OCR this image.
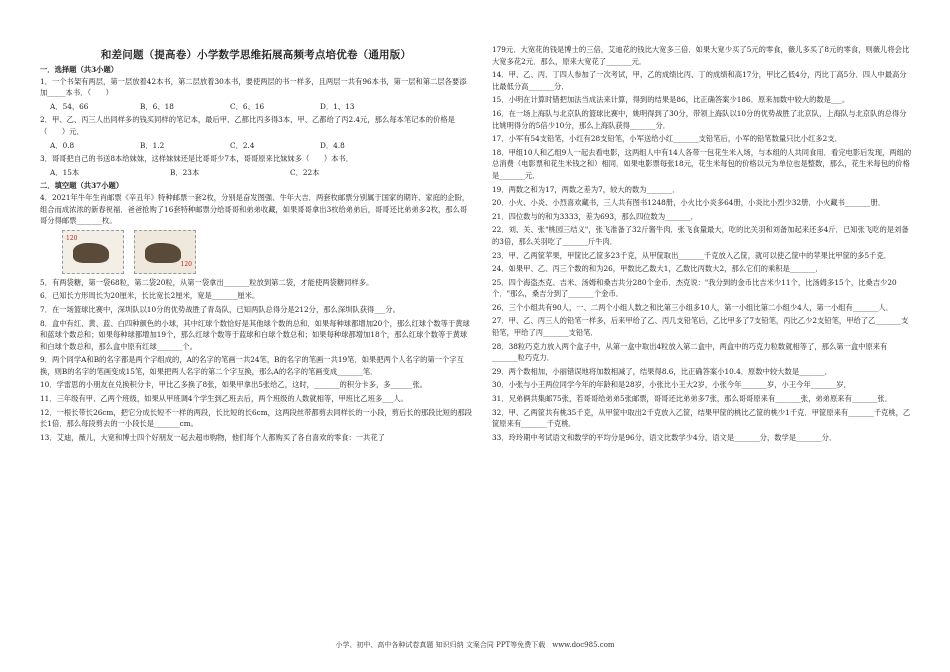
和差问题（提高卷）小学数学思维拓展高频考点培优卷（通用版）
一．选择题（共3小题）
1．一个书架有两层，第一层放着42本书，第二层放着30本书，要使两层的书一样多，且两层一共有96本书，第一层和第二层各要添加_____本书．（　　）
A．54、66	B．6、18	C．6、16	D．1、13
2．甲、乙、丙三人出同样多的钱买同样的笔记本，最后甲、乙都比丙多得3本，甲、乙都给了丙2.4元，那么每本笔记本的价格是（　　）元．
A．0.8	B．1.2	C．2.4	D．4.8
3．哥哥把自己的书送8本给妹妹，这样妹妹还是比哥哥少7本，哥哥原来比妹妹多（　　）本书．
A．15本	B．23本	C．22本
二．填空题（共37小题）
4．2021年牛年生肖邮票《辛丑年》特种邮票一套2枚，分别是奋发图强、牛年大吉．两套枚邮票分别属于国家的期许、家庭的企盼，组合而成浓浓的新春祝福．爸爸抢购了16套特种邮票分给哥哥和弟弟收藏，如果哥哥拿出3枚给弟弟后，哥哥还比弟弟多2枚，那么哥哥分得邮票_______枚。
120
120
5．有两袋糖，第一袋68粒，第二袋20粒，从第一袋拿出_______粒放到第二袋，才能使两袋糖同样多。
6．已知长方形周长为20厘米，长比宽长2厘米，宽是_______厘米。
7．在一场篮球比赛中，深圳队以10分的优势战胜了青岛队，已知两队总得分是212分，那么深圳队获得___分。
8．盒中有红、黄、蓝、白四种颜色的小球，其中红球个数恰好是其他球个数的总和．如果每种球都增加20个，那么红球个数等于黄球和蓝球个数总和；如果每种球都增加19个，那么红球个数等于蓝球和白球个数总和；如果每种球都增加18个，那么红球个数等于黄球和白球个数总和，那么盒中原有红球_______个。
9．两个同学A和B的名字都是两个字组成的，A的名字的笔画一共24笔，B的名字的笔画一共19笔．如果把两个人名字的第一个字互换，则B的名字的笔画变成15笔，如果把两人名字的第二个字互换，那么A的名字的笔画变成_______笔．
10．学雷思的小朋友在兑换积分卡，甲比乙多换了8张，如果甲拿出5张给乙，这时，_______的积分卡多，多______张。
11．三年级有甲、乙两个班级，如果从甲班调4个学生到乙班去后，两个班级的人数就相等，甲班比乙班多___人。
12．一根长带长26cm，把它分成长短不一样的两段，长比短的长6cm，这两段丝带都剪去同样长的一小段，剪后长的那段比短的那段长1倍．那么每段剪去的一小段长是_______cm。
13．艾迪，薇儿，大宽和博士四个好朋友一起去超市购物，他们每个人都购买了各自喜欢的零食：一共花了
179元．大宽花的钱是博士的三倍，艾迪花的钱比大宽多三倍．如果大宽少买了5元的零食，薇儿多买了8元的零食，则薇儿将会比大宽多花2元．那么，原来大宽花了_______元．
14．甲、乙、丙、丁四人参加了一次考试，甲、乙的成绩比丙、丁的成绩和高17分，甲比乙低4分，丙比丁高5分．四人中最高分比最低分高_______分．
15．小明在计算时错把加法当成法来计算，得到的结果是86，比正确答案少186．原来加数中较大的数是___。
16．在一场上海队与北京队的篮球比赛中，姚明得到了30分，带领上海队以10分的优势战胜了北京队，上海队与北京队的总得分比姚明得分的5倍少10分，那么上海队获得_______分．
17．小军有54支铅笔，小红有28支铅笔，小军送给小红_______支铅笔后，小军的铅笔数量只比小红多2支．
18．甲组10人和乙组9人一起去看电影，这两组人中有14人各带一包花生米入场，与本组的人共同食用．看完电影后发现，两组的总消费（电影票和花生米钱之和）相同．如果电影票每张18元，花生米每包的价格以元为单位也是整数，那么，花生米每包的价格是_______元．
19．两数之和为17，两数之差为7，较大的数为_______．
20．小火、小炎、小烈喜欢藏书，三人共有图书1248册，小火比小炎多64册，小炎比小烈少32册．小火藏书_______册．
21．四位数与的和为3333，差为693，那么四位数为_______．
22．刘、关、张"桃园三结义"，张飞准备了32斤酱牛肉．张飞食量最大，吃的比关羽和刘备加起来还多4斤．已知张飞吃的是刘备的3倍，那么关羽吃了_______斤牛肉．
23．甲、乙两筐苹果，甲筐比乙筐多23千克，从甲筐取出_______千克放入乙筐，就可以使乙筐中的苹果比甲筐的多5千克．
24．如果甲、乙、丙三个数的和为26，甲数比乙数大1，乙数比丙数大2，那么它们的乘积是_______．
25．四个海盗杰克、吉米、汤姆和桑吉共分280个金币．杰克说："我分到的金币比吉米少11个，比汤姆多15个，比桑吉少20个．"那么，桑吉分到了_______个金币．
26．三个小组共有90人，一、二两个小组人数之和比第三小组多10人，第一小组比第二小组少4人，第一小组有_______人．
27．甲、乙、丙三人的铅笔一样多，后来甲给了乙、丙几支铅笔后，乙比甲多了7支铅笔，丙比乙少2支铅笔，甲给了乙_______支铅笔，甲给了丙_______支铅笔．
28．38粒巧克力放入两个盒子中，从第一盒中取出4粒放入第二盒中，两盒中的巧克力粒数就相等了，那么第一盒中原来有_______粒巧克力．
29．两个数相加，小丽错误地将加数相减了，结果得8.6，比正确答案小10.4．原数中较大数是_______．
30．小张与小王两位同学今年的年龄和是28岁，小张比小王大2岁，小张今年_______岁，小王今年_______岁．
31．兄弟俩共集邮75张，若哥哥给弟弟5张邮票，哥哥还比弟弟多7张，那么哥哥原来有_______张，弟弟原来有_______张．
32．甲、乙两筐共有桃35千克，从甲筐中取出2千克放入乙筐，结果甲筐的桃比乙筐的桃少1千克．甲筐原来有_______千克桃，乙筐原来有_______千克桃．
33．玲玲期中考试语文和数学的平均分是96分，语文比数学少4分，语文是_______分，数学是_______分．
小学、初中、高中各种试卷真题 知识归纳 文案合同 PPT等免费下载　www.doc985.com
